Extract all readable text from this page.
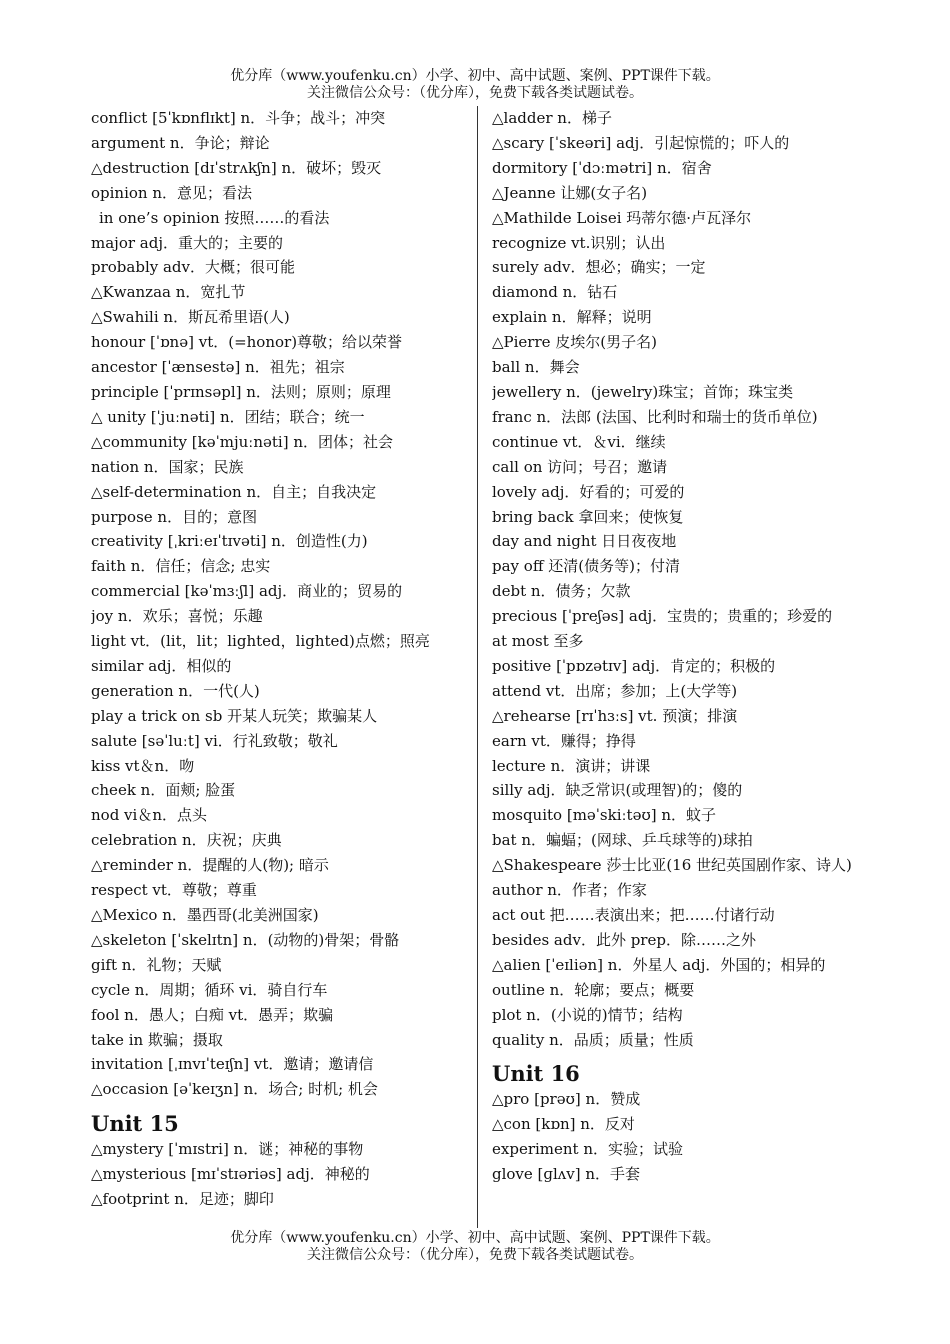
优分库（www.youfenku.cn）小学、初中、高中试题、案例、PPT课件下载。
关注微信公众号：（优分库），免费下载各类试题试卷。
conflict [5ˈkɒnflɪkt] n．斗争；战斗；冲突
argument n．争论；辩论
△destruction [dɪˈstrʌkʃn] n．破坏；毁灭
opinion n．意见；看法
in one’s opinion 按照……的看法
major adj．重大的；主要的
probably adv．大概；很可能
△Kwanzaa n．宽扎节
△Swahili n．斯瓦希里语(人)
honour [ˈɒnə] vt．(=honor)尊敬；给以荣誉
ancestor [ˈænsestə] n．祖先；祖宗
principle [ˈprɪnsəpl] n．法则；原则；原理
△ unity [ˈjuːnəti] n．团结；联合；统一
△community [kəˈmjuːnəti] n．团体；社会
nation n．国家；民族
△self-determination n．自主；自我决定
purpose n．目的；意图
creativity [ˌkriːeɪˈtɪvəti] n．创造性(力)
faith n．信任；信念; 忠实
commercial [kəˈmɜːʃl] adj．商业的；贸易的
joy n．欢乐；喜悦；乐趣
light vt．(lit，lit；lighted，lighted)点燃；照亮
similar adj．相似的
generation n．一代(人)
play a trick on sb 开某人玩笑；欺骗某人
salute [səˈluːt] vi．行礼致敬；敬礼
kiss vt＆n．吻
cheek n．面颊; 脸蛋
nod vi＆n．点头
celebration n．庆祝；庆典
△reminder n．提醒的人(物); 暗示
respect vt．尊敬；尊重
△Mexico n．墨西哥(北美洲国家)
△skeleton [ˈskelɪtn] n．(动物的)骨架；骨骼
gift n．礼物；天赋
cycle n．周期；循环 vi．骑自行车
fool n．愚人；白痴 vt．愚弄；欺骗
take in 欺骗；摄取
invitation [ˌɪnvɪˈteɪʃn] vt．邀请；邀请信
△occasion [əˈkeɪʒn] n．场合; 时机; 机会
Unit 15
△mystery [ˈmɪstri] n．谜；神秘的事物
△mysterious [mɪˈstɪəriəs] adj．神秘的
△footprint n．足迹；脚印
△ladder n．梯子
△scary [ˈskeəri] adj．引起惊慌的；吓人的
dormitory [ˈdɔːmətri] n．宿舍
△Jeanne 让娜(女子名)
△Mathilde Loisei 玛蒂尔德·卢瓦泽尔
recognize vt.识别；认出
surely adv．想必；确实；一定
diamond n．钻石
explain n．解释；说明
△Pierre 皮埃尔(男子名)
ball n．舞会
jewellery n．(jewelry)珠宝；首饰；珠宝类
franc n．法郎 (法国、比利时和瑞士的货币单位)
continue vt．＆vi．继续
call on 访问；号召；邀请
lovely adj．好看的；可爱的
bring back 拿回来；使恢复
day and night 日日夜夜地
pay off 还清(债务等)；付清
debt n．债务；欠款
precious [ˈpreʃəs] adj．宝贵的；贵重的；珍爱的
at most 至多
positive [ˈpɒzətɪv] adj．肯定的；积极的
attend vt．出席；参加；上(大学等)
△rehearse [rɪˈhɜːs] vt. 预演；排演
earn vt．赚得；挣得
lecture n．演讲；讲课
silly adj．缺乏常识(或理智)的；傻的
mosquito [məˈskiːtəʊ] n．蚊子
bat n．蝙蝠；(网球、乒乓球等的)球拍
△Shakespeare 莎士比亚(16 世纪英国剧作家、诗人)
author n．作者；作家
act out 把……表演出来；把……付诸行动
besides adv．此外 prep．除……之外
△alien [ˈeɪliən] n．外星人 adj．外国的；相异的
outline n．轮廓；要点；概要
plot n．(小说的)情节；结构
quality n．品质；质量；性质
Unit 16
△pro [prəʊ] n．赞成
△con [kɒn] n．反对
experiment n．实验；试验
glove [ɡlʌv] n．手套
优分库（www.youfenku.cn）小学、初中、高中试题、案例、PPT课件下载。
关注微信公众号：（优分库），免费下载各类试题试卷。
